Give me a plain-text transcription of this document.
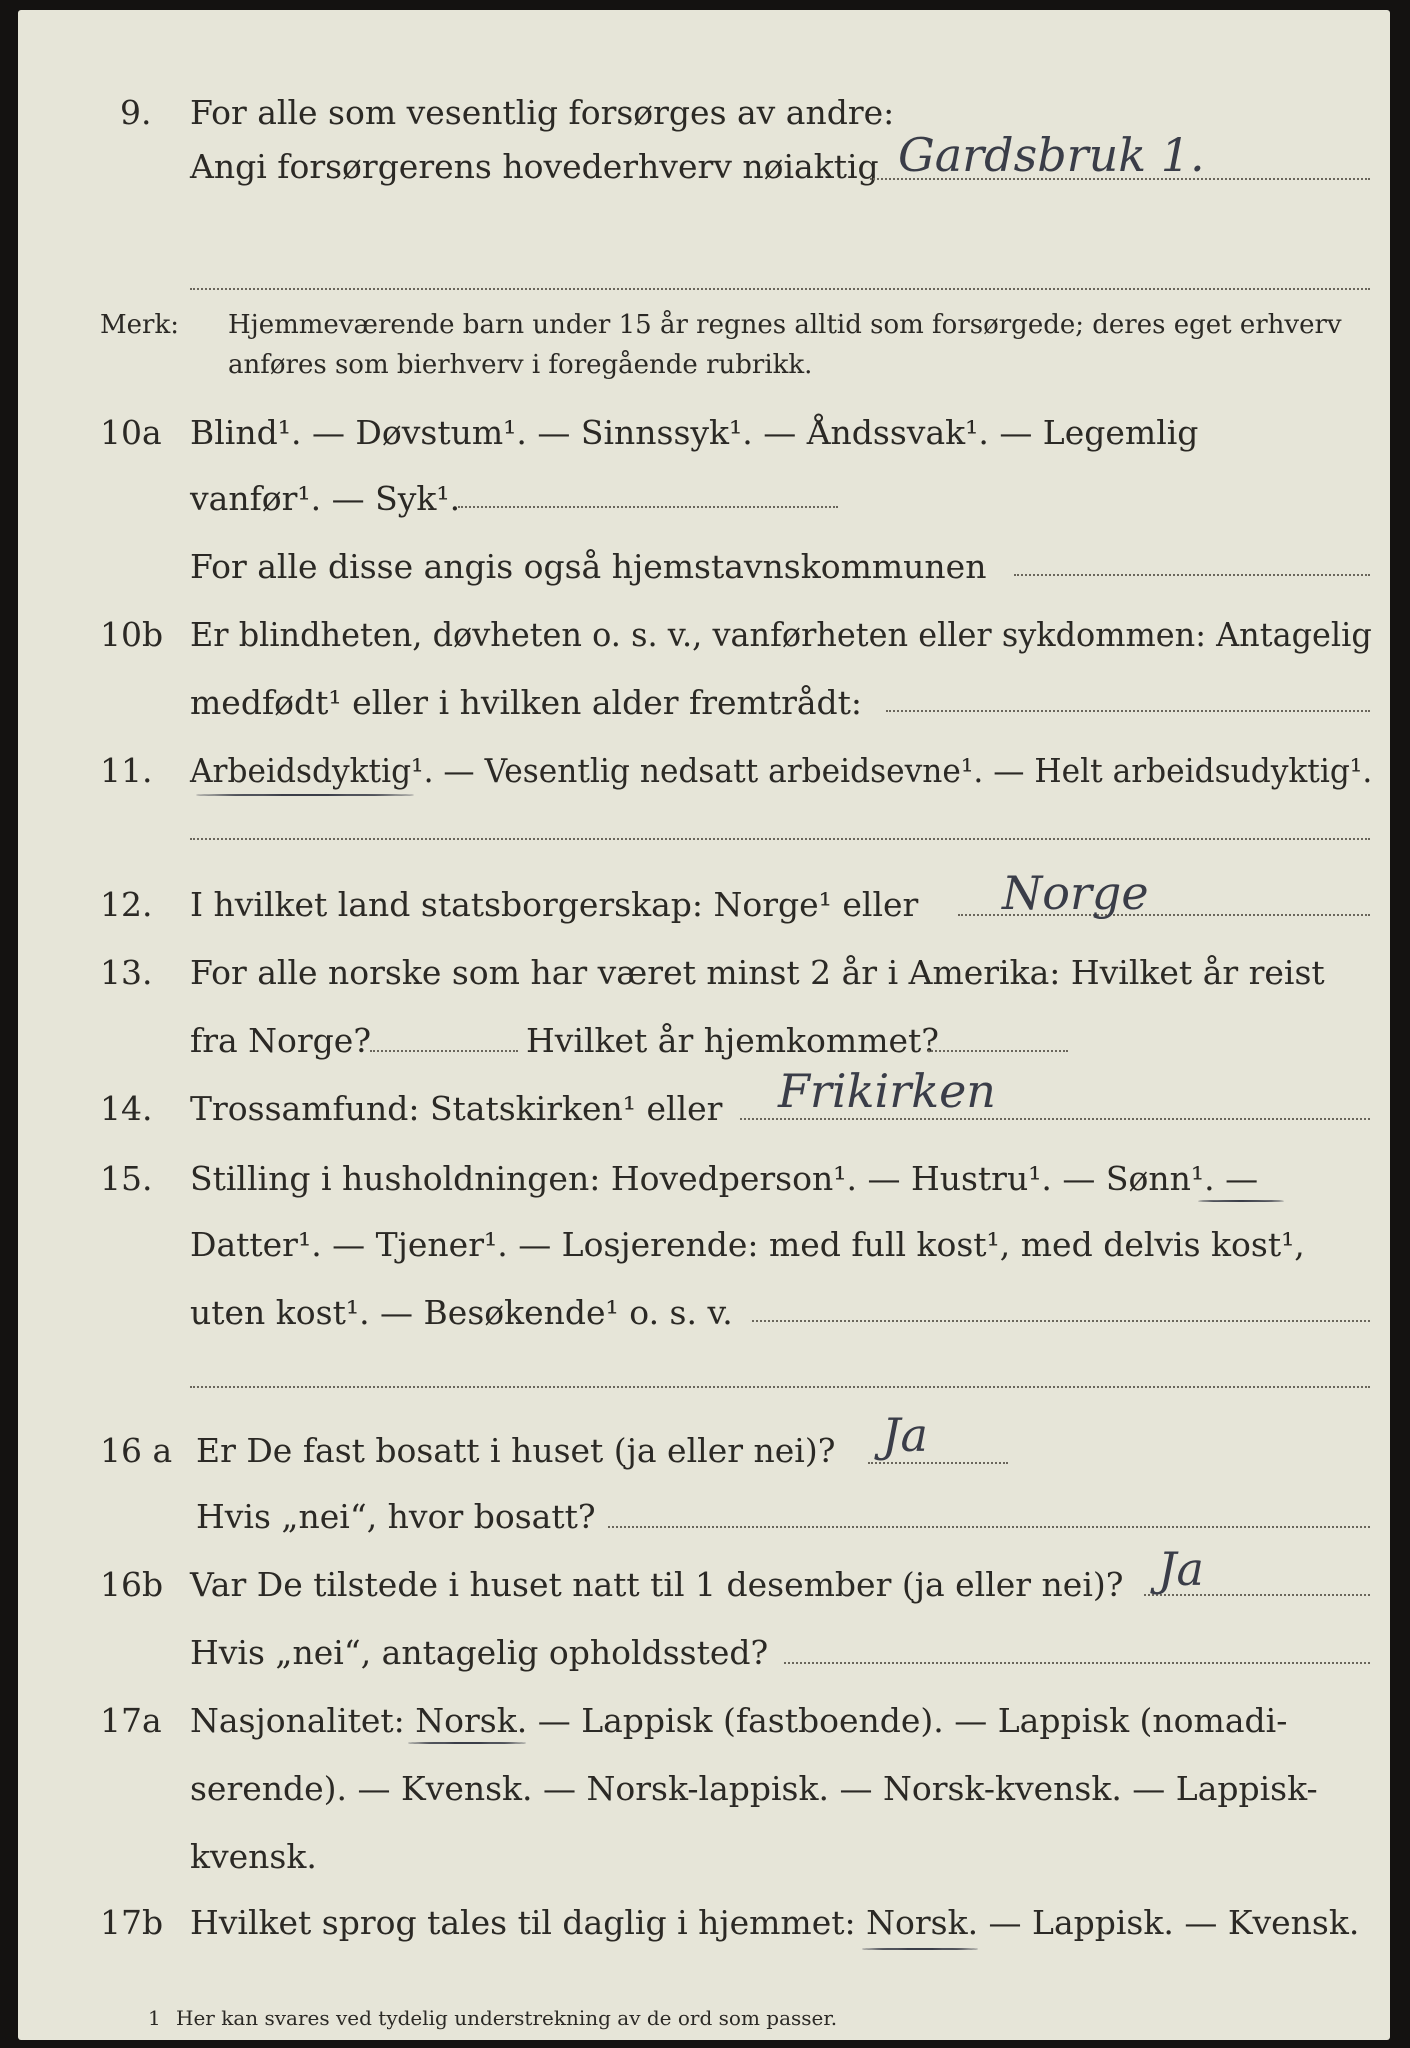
9. For alle som vesentlig forsørges av andre:
Angi forsørgerens hovederhverv nøiaktig Gardsbruk 1.
Merk: Hjemmeværende barn under 15 år regnes alltid som forsørgede; deres eget erhverv
anføres som bierhverv i foregående rubrikk.
10a Blind¹. — Døvstum¹. — Sinnssyk¹. — Åndssvak¹. — Legemlig
vanfør¹. — Syk¹.
For alle disse angis også hjemstavnskommunen
10b Er blindheten, døvheten o. s. v., vanførheten eller sykdommen: Antagelig
medfødt¹ eller i hvilken alder fremtrådt:
11. Arbeidsdyktig¹. — Vesentlig nedsatt arbeidsevne¹. — Helt arbeidsudyktig¹.
12. I hvilket land statsborgerskap: Norge¹ eller Norge
13. For alle norske som har været minst 2 år i Amerika: Hvilket år reist
fra Norge?	Hvilket år hjemkommet?
14. Trossamfund: Statskirken¹ eller Frikirken
15. Stilling i husholdningen: Hovedperson¹. — Hustru¹. — Sønn¹. —
Datter¹. — Tjener¹. — Losjerende: med full kost¹, med delvis kost¹,
uten kost¹. — Besøkende¹ o. s. v.
16 a Er De fast bosatt i huset (ja eller nei)? Ja
Hvis „nei“, hvor bosatt?
16b Var De tilstede i huset natt til 1 desember (ja eller nei)? Ja
Hvis „nei“, antagelig opholdssted?
17a Nasjonalitet: Norsk. — Lappisk (fastboende). — Lappisk (nomadi-
serende). — Kvensk. — Norsk-lappisk. — Norsk-kvensk. — Lappisk-
kvensk.
17b Hvilket sprog tales til daglig i hjemmet: Norsk. — Lappisk. — Kvensk.
1 Her kan svares ved tydelig understrekning av de ord som passer.
